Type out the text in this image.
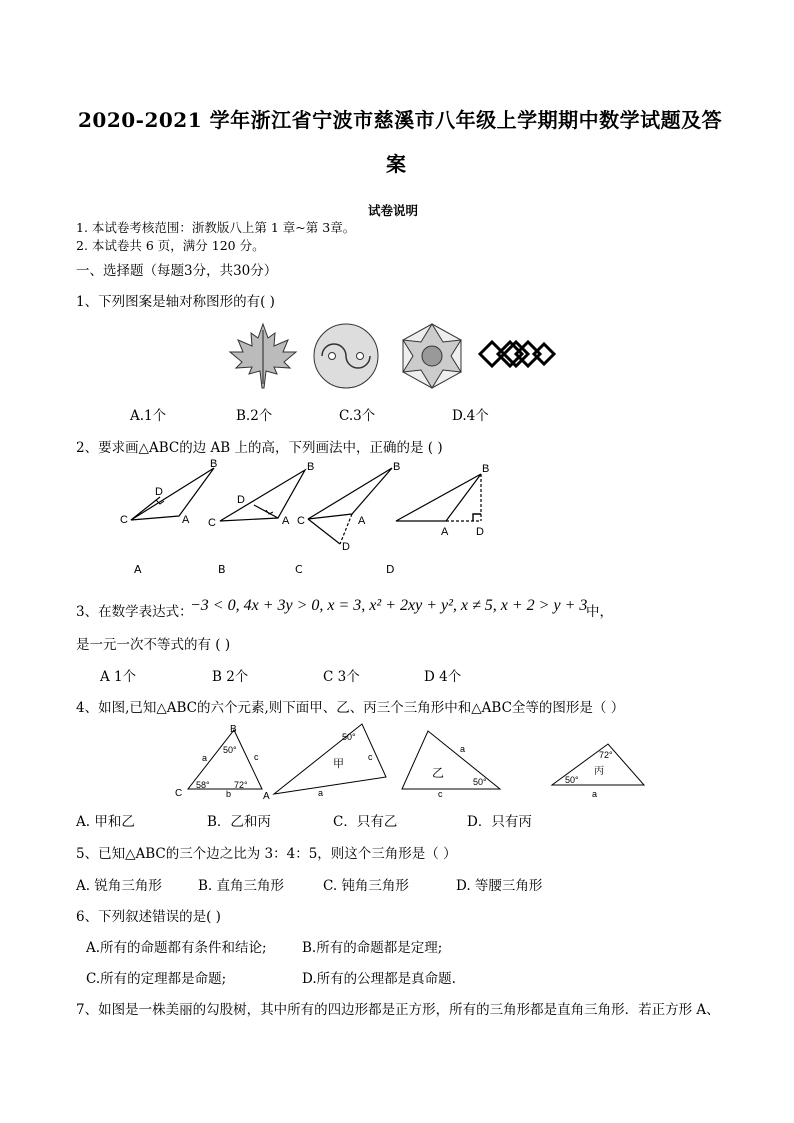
2020-2021 学年浙江省宁波市慈溪市八年级上学期期中数学试题及答
案
试卷说明
1. 本试卷考核范围：浙教版八上第 1 章~第 3章。
2. 本试卷共 6 页，满分 120 分。
一、选择题（每题3分，共30分）
1、下列图案是轴对称图形的有( )
A.1个	B.2个	C.3个	D.4个
2、要求画△ABC的边 AB 上的高，下列画法中，正确的是 ( )
B
C	A
D
B
C	A
D
B
C	A
D
B
A	D
A	B	C	D
3、在数学表达式：
−3 < 0, 4x + 3y > 0, x = 3, x² + 2xy + y², x ≠ 5, x + 2 > y + 3
中，
是一元一次不等式的有 ( )
A 1个	B 2个	C 3个	D 4个
4、如图,已知△ABC的六个元素,则下面甲、乙、丙三个三角形中和△ABC全等的图形是（ ）
B
C	A
a	c
b
50°
58°	72°
50°
c
甲
a
a
乙
50°
c
72°
丙
50°
a
A. 甲和乙	B．乙和丙	C．只有乙	D．只有丙
5、已知△ABC的三个边之比为 3：4：5，则这个三角形是（ ）
A. 锐角三角形	B. 直角三角形	C. 钝角三角形	D. 等腰三角形
6、下列叙述错误的是( )
A.所有的命题都有条件和结论;	B.所有的命题都是定理;
C.所有的定理都是命题;	D.所有的公理都是真命题.
7、如图是一株美丽的勾股树，其中所有的四边形都是正方形，所有的三角形都是直角三角形．若正方形 A、
